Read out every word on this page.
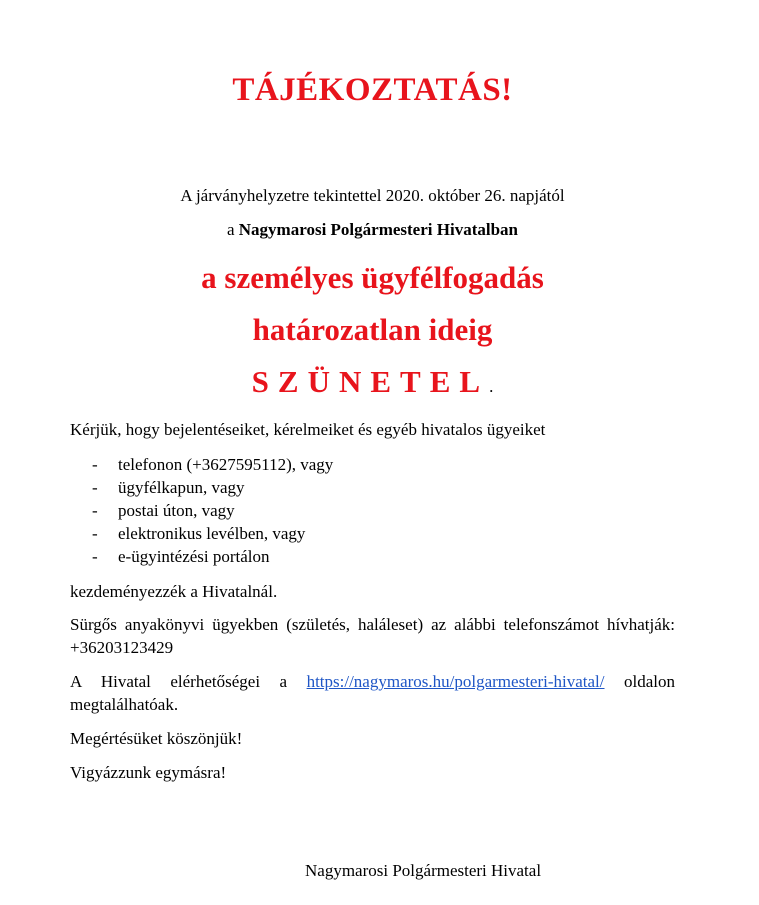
TÁJÉKOZTATÁS!
A járványhelyzetre tekintettel 2020. október 26. napjától
a Nagymarosi Polgármesteri Hivatalban
a személyes ügyfélfogadás
határozatlan ideig
SZÜNETEL.
Kérjük, hogy bejelentéseiket, kérelmeiket és egyéb hivatalos ügyeiket
- telefonon (+3627595112), vagy
- ügyfélkapun, vagy
- postai úton, vagy
- elektronikus levélben, vagy
- e-ügyintézési portálon
kezdeményezzék a Hivatalnál.
Sürgős anyakönyvi ügyekben (születés, haláleset) az alábbi telefonszámot hívhatják: +36203123429
A Hivatal elérhetőségei a https://nagymaros.hu/polgarmesteri-hivatal/ oldalon megtalálhatóak.
Megértésüket köszönjük!
Vigyázzunk egymásra!
Nagymarosi Polgármesteri Hivatal
